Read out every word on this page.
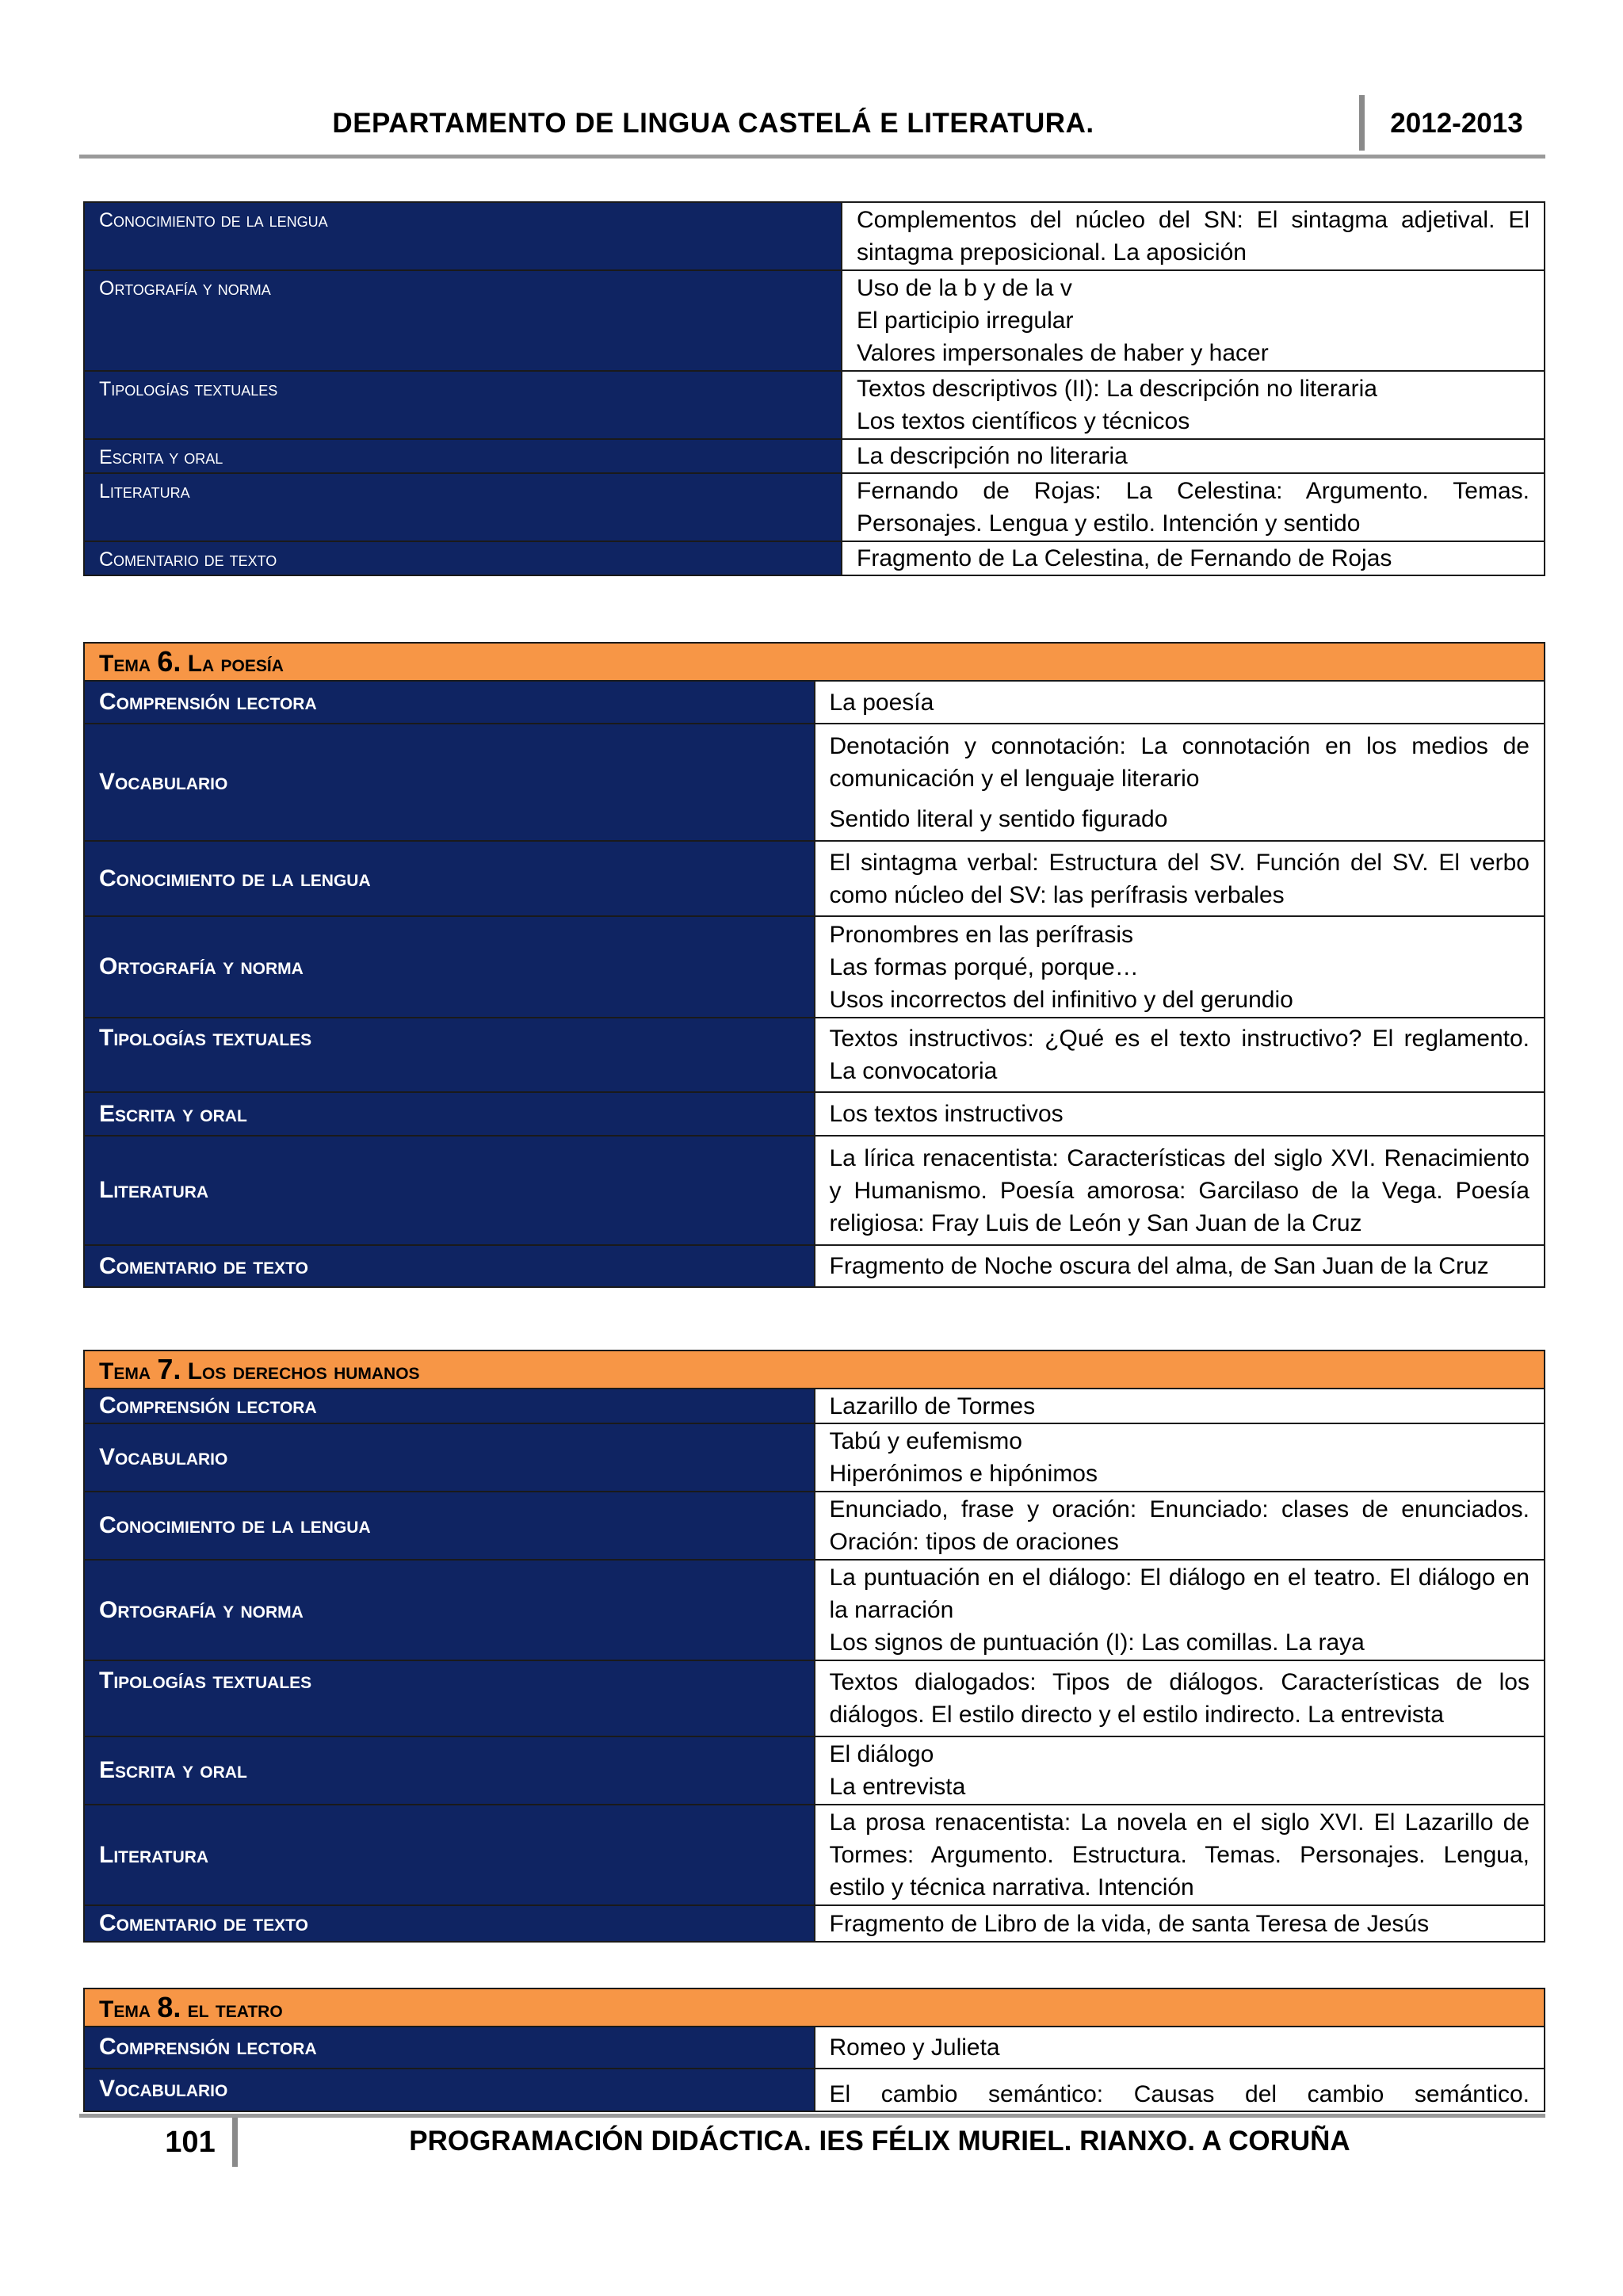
DEPARTAMENTO DE LINGUA CASTELÁ E LITERATURA.	2012-2013
Conocimiento de la lengua	Complementos del núcleo del SN: El sintagma adjetival. El sintagma preposicional. La aposición

Ortografía y norma	Uso de la b y de la v
El participio irregular
Valores impersonales de haber y hacer

Tipologías textuales	Textos descriptivos (II): La descripción no literaria
Los textos científicos y técnicos

Escrita y oral	La descripción no literaria

Literatura	Fernando de Rojas: La Celestina: Argumento. Temas. Personajes. Lengua y estilo. Intención y sentido

Comentario de texto	Fragmento de La Celestina, de Fernando de Rojas
Tema 6. La poesía	
Comprensión lectora	La poesía

Vocabulario	Denotación y connotación: La connotación en los medios de comunicación y el lenguaje literario
Sentido literal y sentido figurado

Conocimiento de la lengua	El sintagma verbal: Estructura del SV. Función del SV. El verbo como núcleo del SV: las perífrasis verbales

Ortografía y norma	Pronombres en las perífrasis
Las formas porqué, porque…
Usos incorrectos del infinitivo y del gerundio

Tipologías textuales	Textos instructivos: ¿Qué es el texto instructivo? El reglamento. La convocatoria

Escrita y oral	Los textos instructivos

Literatura	La lírica renacentista: Características del siglo XVI. Renacimiento y Humanismo. Poesía amorosa: Garcilaso de la Vega. Poesía religiosa: Fray Luis de León y San Juan de la Cruz

Comentario de texto	Fragmento de Noche oscura del alma, de San Juan de la Cruz
Tema 7. Los derechos humanos	
Comprensión lectora	Lazarillo de Tormes

Vocabulario	Tabú y eufemismo
Hiperónimos e hipónimos

Conocimiento de la lengua	Enunciado, frase y oración: Enunciado: clases de enunciados. Oración: tipos de oraciones

Ortografía y norma	La puntuación en el diálogo: El diálogo en el teatro. El diálogo en la narración
Los signos de puntuación (I): Las comillas. La raya

Tipologías textuales	Textos dialogados: Tipos de diálogos. Características de los diálogos. El estilo directo y el estilo indirecto. La entrevista

Escrita y oral	El diálogo
La entrevista

Literatura	La prosa renacentista: La novela en el siglo XVI. El Lazarillo de Tormes: Argumento. Estructura. Temas. Personajes. Lengua, estilo y técnica narrativa. Intención

Comentario de texto	Fragmento de Libro de la vida, de santa Teresa de Jesús
Tema 8. el teatro	
Comprensión lectora	Romeo y Julieta

Vocabulario	El cambio semántico: Causas del cambio semántico.
101	PROGRAMACIÓN DIDÁCTICA. IES FÉLIX MURIEL. RIANXO. A CORUÑA
